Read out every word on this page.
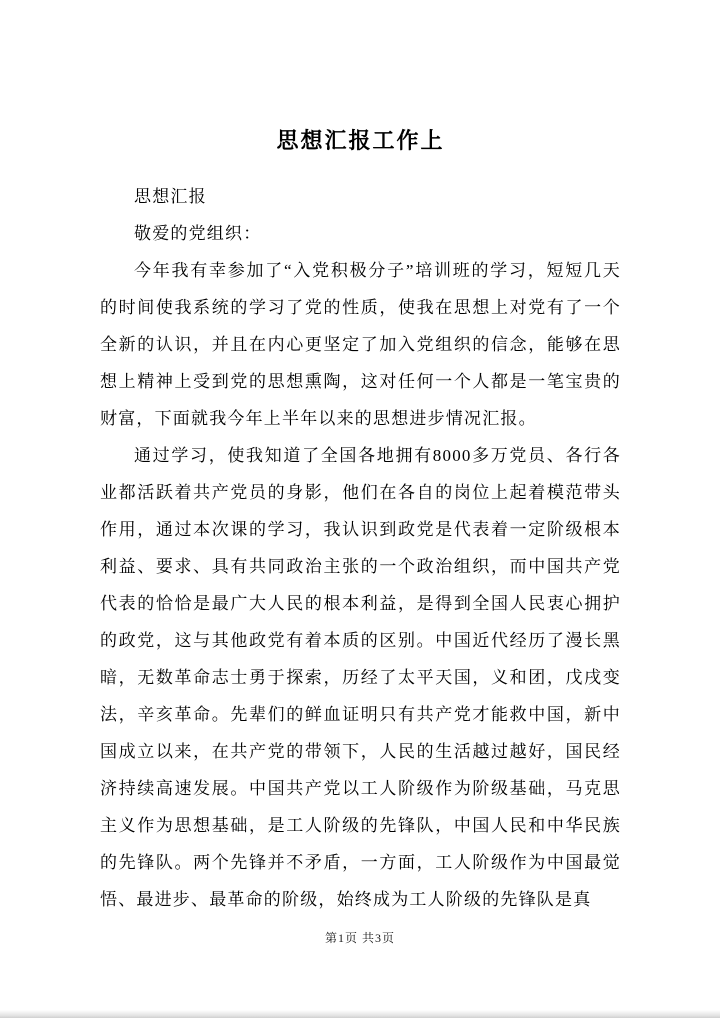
思想汇报工作上

思想汇报

敬爱的党组织：

今年我有幸参加了“入党积极分子”培训班的学习，短短几天的时间使我系统的学习了党的性质，使我在思想上对党有了一个全新的认识，并且在内心更坚定了加入党组织的信念，能够在思想上精神上受到党的思想熏陶，这对任何一个人都是一笔宝贵的财富，下面就我今年上半年以来的思想进步情况汇报。

通过学习，使我知道了全国各地拥有8000多万党员、各行各业都活跃着共产党员的身影，他们在各自的岗位上起着模范带头作用，通过本次课的学习，我认识到政党是代表着一定阶级根本利益、要求、具有共同政治主张的一个政治组织，而中国共产党代表的恰恰是最广大人民的根本利益，是得到全国人民衷心拥护的政党，这与其他政党有着本质的区别。中国近代经历了漫长黑暗，无数革命志士勇于探索，历经了太平天国，义和团，戊戌变法，辛亥革命。先辈们的鲜血证明只有共产党才能救中国，新中国成立以来，在共产党的带领下，人民的生活越过越好，国民经济持续高速发展。中国共产党以工人阶级作为阶级基础，马克思主义作为思想基础，是工人阶级的先锋队，中国人民和中华民族的先锋队。两个先锋并不矛盾，一方面，工人阶级作为中国最觉悟、最进步、最革命的阶级，始终成为工人阶级的先锋队是真

第1页 共3页
